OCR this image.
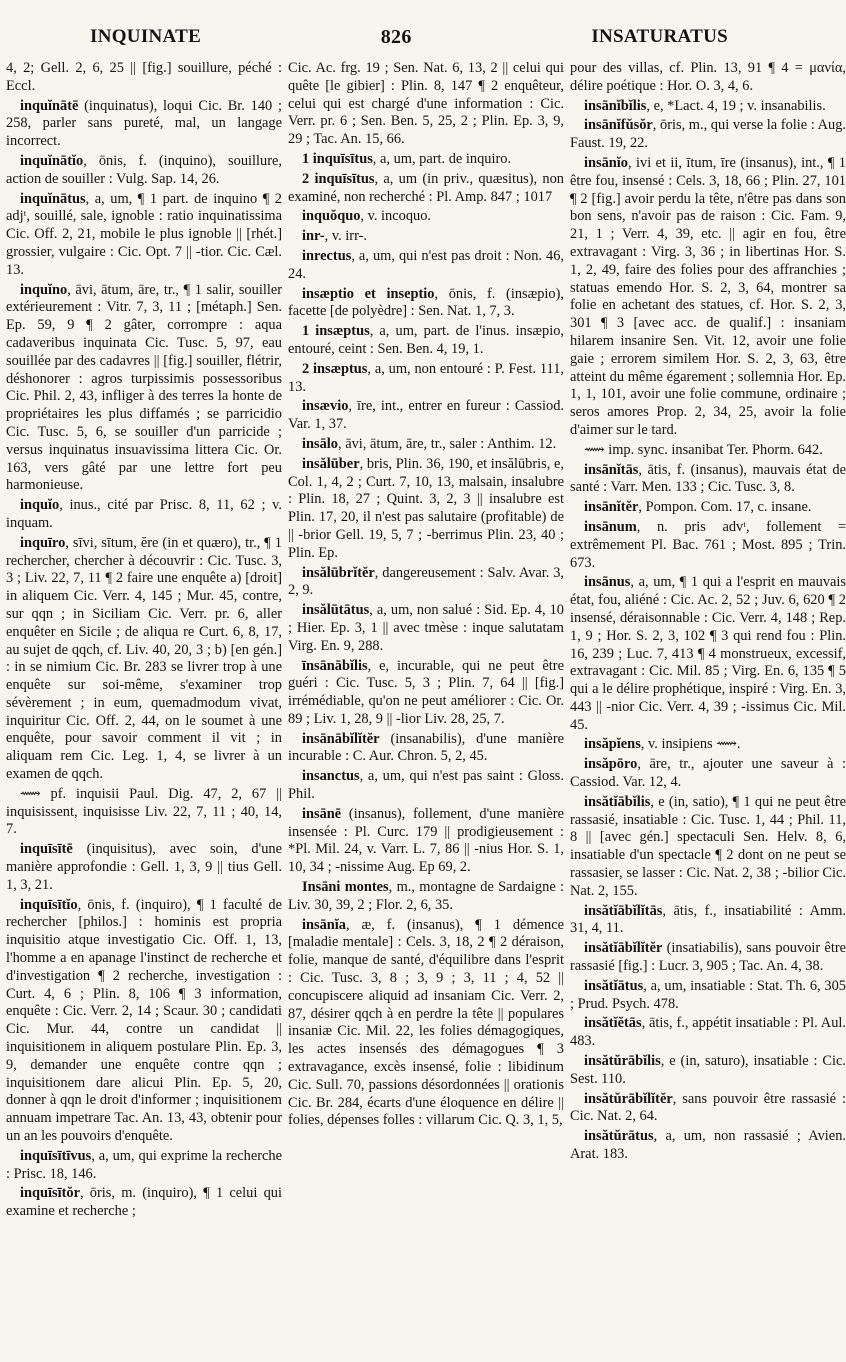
INQUINATE	826	INSATURATUS

4, 2; Gell. 2, 6, 25 || [fig.] souillure, péché : Eccl.

inquĭnātē (inquinatus), loqui Cic. Br. 140 ; 258, parler sans pureté, mal, un langage incorrect.

inquĭnātĭo, ōnis, f. (inquino), souillure, action de souiller : Vulg. Sap. 14, 26.

inquĭnātus, a, um, ¶ 1 part. de inquino ¶ 2 adjᵗ, souillé, sale, ignoble : ratio inquinatissima Cic. Off. 2, 21, mobile le plus ignoble || [rhét.] grossier, vulgaire : Cic. Opt. 7 || -tior. Cic. Cæl. 13.

inquĭno, āvi, ātum, āre, tr., ¶ 1 salir, souiller extérieurement : Vitr. 7, 3, 11 ; [métaph.] Sen. Ep. 59, 9 ¶ 2 gâter, corrompre : aqua cadaveribus inquinata Cic. Tusc. 5, 97, eau souillée par des cadavres || [fig.] souiller, flétrir, déshonorer : agros turpissimis possessoribus Cic. Phil. 2, 43, infliger à des terres la honte de propriétaires les plus diffamés ; se parricidio Cic. Tusc. 5, 6, se souiller d'un parricide ; versus inquinatus insuavissima littera Cic. Or. 163, vers gâté par une lettre fort peu harmonieuse.

inquĭo, inus., cité par Prisc. 8, 11, 62 ; v. inquam.

inquīro, sīvi, sītum, ĕre (in et quæro), tr., ¶ 1 rechercher, chercher à découvrir : Cic. Tusc. 3, 3 ; Liv. 22, 7, 11 ¶ 2 faire une enquête a) [droit] in aliquem Cic. Verr. 4, 145 ; Mur. 45, contre, sur qqn ; in Siciliam Cic. Verr. pr. 6, aller enquêter en Sicile ; de aliqua re Curt. 6, 8, 17, au sujet de qqch, cf. Liv. 40, 20, 3 ; b) [en gén.] : in se nimium Cic. Br. 283 se livrer trop à une enquête sur soi-même, s'examiner trop sévèrement ; in eum, quemadmodum vivat, inquiritur Cic. Off. 2, 44, on le soumet à une enquête, pour savoir comment il vit ; in aliquam rem Cic. Leg. 1, 4, se livrer à un examen de qqch.

⟿ pf. inquisii Paul. Dig. 47, 2, 67 || inquisissent, inquisisse Liv. 22, 7, 11 ; 40, 14, 7.

inquīsītē (inquisitus), avec soin, d'une manière approfondie : Gell. 1, 3, 9 || tius Gell. 1, 3, 21.

inquīsītĭo, ōnis, f. (inquiro), ¶ 1 faculté de rechercher [philos.] : hominis est propria inquisitio atque investigatio Cic. Off. 1, 13, l'homme a en apanage l'instinct de recherche et d'investigation ¶ 2 recherche, investigation : Curt. 4, 6 ; Plin. 8, 106 ¶ 3 information, enquête : Cic. Verr. 2, 14 ; Scaur. 30 ; candidati Cic. Mur. 44, contre un candidat || inquisitionem in aliquem postulare Plin. Ep. 3, 9, demander une enquête contre qqn ; inquisitionem dare alicui Plin. Ep. 5, 20, donner à qqn le droit d'informer ; inquisitionem annuam impetrare Tac. An. 13, 43, obtenir pour un an les pouvoirs d'enquête.

inquīsītīvus, a, um, qui exprime la recherche : Prisc. 18, 146.

inquīsītŏr, ōris, m. (inquiro), ¶ 1 celui qui examine et recherche ;

Cic. Ac. frg. 19 ; Sen. Nat. 6, 13, 2 || celui qui quête [le gibier] : Plin. 8, 147 ¶ 2 enquêteur, celui qui est chargé d'une information : Cic. Verr. pr. 6 ; Sen. Ben. 5, 25, 2 ; Plin. Ep. 3, 9, 29 ; Tac. An. 15, 66.

1 inquīsītus, a, um, part. de inquiro.

2 inquīsītus, a, um (in priv., quæsitus), non examiné, non recherché : Pl. Amp. 847 ; 1017

inquŏquo, v. incoquo.

inr-, v. irr-.

inrectus, a, um, qui n'est pas droit : Non. 46, 24.

insæptio et inseptio, ōnis, f. (insæpio), facette [de polyèdre] : Sen. Nat. 1, 7, 3.

1 insæptus, a, um, part. de l'inus. insæpio, entouré, ceint : Sen. Ben. 4, 19, 1.

2 insæptus, a, um, non entouré : P. Fest. 111, 13.

insævio, īre, int., entrer en fureur : Cassiod. Var. 1, 37.

insālo, āvi, ātum, āre, tr., saler : Anthim. 12.

insălūber, bris, Plin. 36, 190, et insălūbris, e, Col. 1, 4, 2 ; Curt. 7, 10, 13, malsain, insalubre : Plin. 18, 27 ; Quint. 3, 2, 3 || insalubre est Plin. 17, 20, il n'est pas salutaire (profitable) de || -brior Gell. 19, 5, 7 ; -berrimus Plin. 23, 40 ; Plin. Ep.

insălūbrĭtĕr, dangereusement : Salv. Avar. 3, 2, 9.

insălūtātus, a, um, non salué : Sid. Ep. 4, 10 ; Hier. Ep. 3, 1 || avec tmèse : inque salutatam Virg. En. 9, 288.

īnsānābĭlis, e, incurable, qui ne peut être guéri : Cic. Tusc. 5, 3 ; Plin. 7, 64 || [fig.] irrémédiable, qu'on ne peut améliorer : Cic. Or. 89 ; Liv. 1, 28, 9 || -lior Liv. 28, 25, 7.

insānābĭlĭtĕr (insanabilis), d'une manière incurable : C. Aur. Chron. 5, 2, 45.

insanctus, a, um, qui n'est pas saint : Gloss. Phil.

insānē (insanus), follement, d'une manière insensée : Pl. Curc. 179 || prodigieusement : *Pl. Mil. 24, v. Varr. L. 7, 86 || -nius Hor. S. 1, 10, 34 ; -nissime Aug. Ep 69, 2.

Insāni montes, m., montagne de Sardaigne : Liv. 30, 39, 2 ; Flor. 2, 6, 35.

insānĭa, æ, f. (insanus), ¶ 1 démence [maladie mentale] : Cels. 3, 18, 2 ¶ 2 déraison, folie, manque de santé, d'équilibre dans l'esprit : Cic. Tusc. 3, 8 ; 3, 9 ; 3, 11 ; 4, 52 || concupiscere aliquid ad insaniam Cic. Verr. 2, 87, désirer qqch à en perdre la tête || populares insaniæ Cic. Mil. 22, les folies démagogiques, les actes insensés des démagogues ¶ 3 extravagance, excès insensé, folie : libidinum Cic. Sull. 70, passions désordonnées || orationis Cic. Br. 284, écarts d'une éloquence en délire || folies, dépenses folles : villarum Cic. Q. 3, 1, 5,

pour des villas, cf. Plin. 13, 91 ¶ 4 = μανία, délire poétique : Hor. O. 3, 4, 6.

insānĭbĭlis, e, *Lact. 4, 19 ; v. insanabilis.

insānĭfŭsŏr, ōris, m., qui verse la folie : Aug. Faust. 19, 22.

insānĭo, ivi et ii, ītum, īre (insanus), int., ¶ 1 être fou, insensé : Cels. 3, 18, 66 ; Plin. 27, 101 ¶ 2 [fig.] avoir perdu la tête, n'être pas dans son bon sens, n'avoir pas de raison : Cic. Fam. 9, 21, 1 ; Verr. 4, 39, etc. || agir en fou, être extravagant : Virg. 3, 36 ; in libertinas Hor. S. 1, 2, 49, faire des folies pour des affranchies ; statuas emendo Hor. S. 2, 3, 64, montrer sa folie en achetant des statues, cf. Hor. S. 2, 3, 301 ¶ 3 [avec acc. de qualif.] : insaniam hilarem insanire Sen. Vit. 12, avoir une folie gaie ; errorem similem Hor. S. 2, 3, 63, être atteint du même égarement ; sollemnia Hor. Ep. 1, 1, 101, avoir une folie commune, ordinaire ; seros amores Prop. 2, 34, 25, avoir la folie d'aimer sur le tard.

⟿ imp. sync. insanibat Ter. Phorm. 642.

insānĭtās, ātis, f. (insanus), mauvais état de santé : Varr. Men. 133 ; Cic. Tusc. 3, 8.

insānĭtĕr, Pompon. Com. 17, c. insane.

insānum, n. pris advᵗ, follement = extrêmement Pl. Bac. 761 ; Most. 895 ; Trin. 673.

insānus, a, um, ¶ 1 qui a l'esprit en mauvais état, fou, aliéné : Cic. Ac. 2, 52 ; Juv. 6, 620 ¶ 2 insensé, déraisonnable : Cic. Verr. 4, 148 ; Rep. 1, 9 ; Hor. S. 2, 3, 102 ¶ 3 qui rend fou : Plin. 16, 239 ; Luc. 7, 413 ¶ 4 monstrueux, excessif, extravagant : Cic. Mil. 85 ; Virg. En. 6, 135 ¶ 5 qui a le délire prophétique, inspiré : Virg. En. 3, 443 || -nior Cic. Verr. 4, 39 ; -issimus Cic. Mil. 45.

insăpĭens, v. insipiens ⟿.

insăpōro, āre, tr., ajouter une saveur à : Cassiod. Var. 12, 4.

insătĭābĭlis, e (in, satio), ¶ 1 qui ne peut être rassasié, insatiable : Cic. Tusc. 1, 44 ; Phil. 11, 8 || [avec gén.] spectaculi Sen. Helv. 8, 6, insatiable d'un spectacle ¶ 2 dont on ne peut se rassasier, se lasser : Cic. Nat. 2, 38 ; -bilior Cic. Nat. 2, 155.

insătĭābĭlĭtās, ātis, f., insatiabilité : Amm. 31, 4, 11.

insătĭābĭlĭtĕr (insatiabilis), sans pouvoir être rassasié [fig.] : Lucr. 3, 905 ; Tac. An. 4, 38.

insătĭātus, a, um, insatiable : Stat. Th. 6, 305 ; Prud. Psych. 478.

insătĭĕtās, ātis, f., appétit insatiable : Pl. Aul. 483.

insătŭrābĭlis, e (in, saturo), insatiable : Cic. Sest. 110.

insătŭrābĭlĭtĕr, sans pouvoir être rassasié : Cic. Nat. 2, 64.

insătŭrātus, a, um, non rassasié ; Avien. Arat. 183.
